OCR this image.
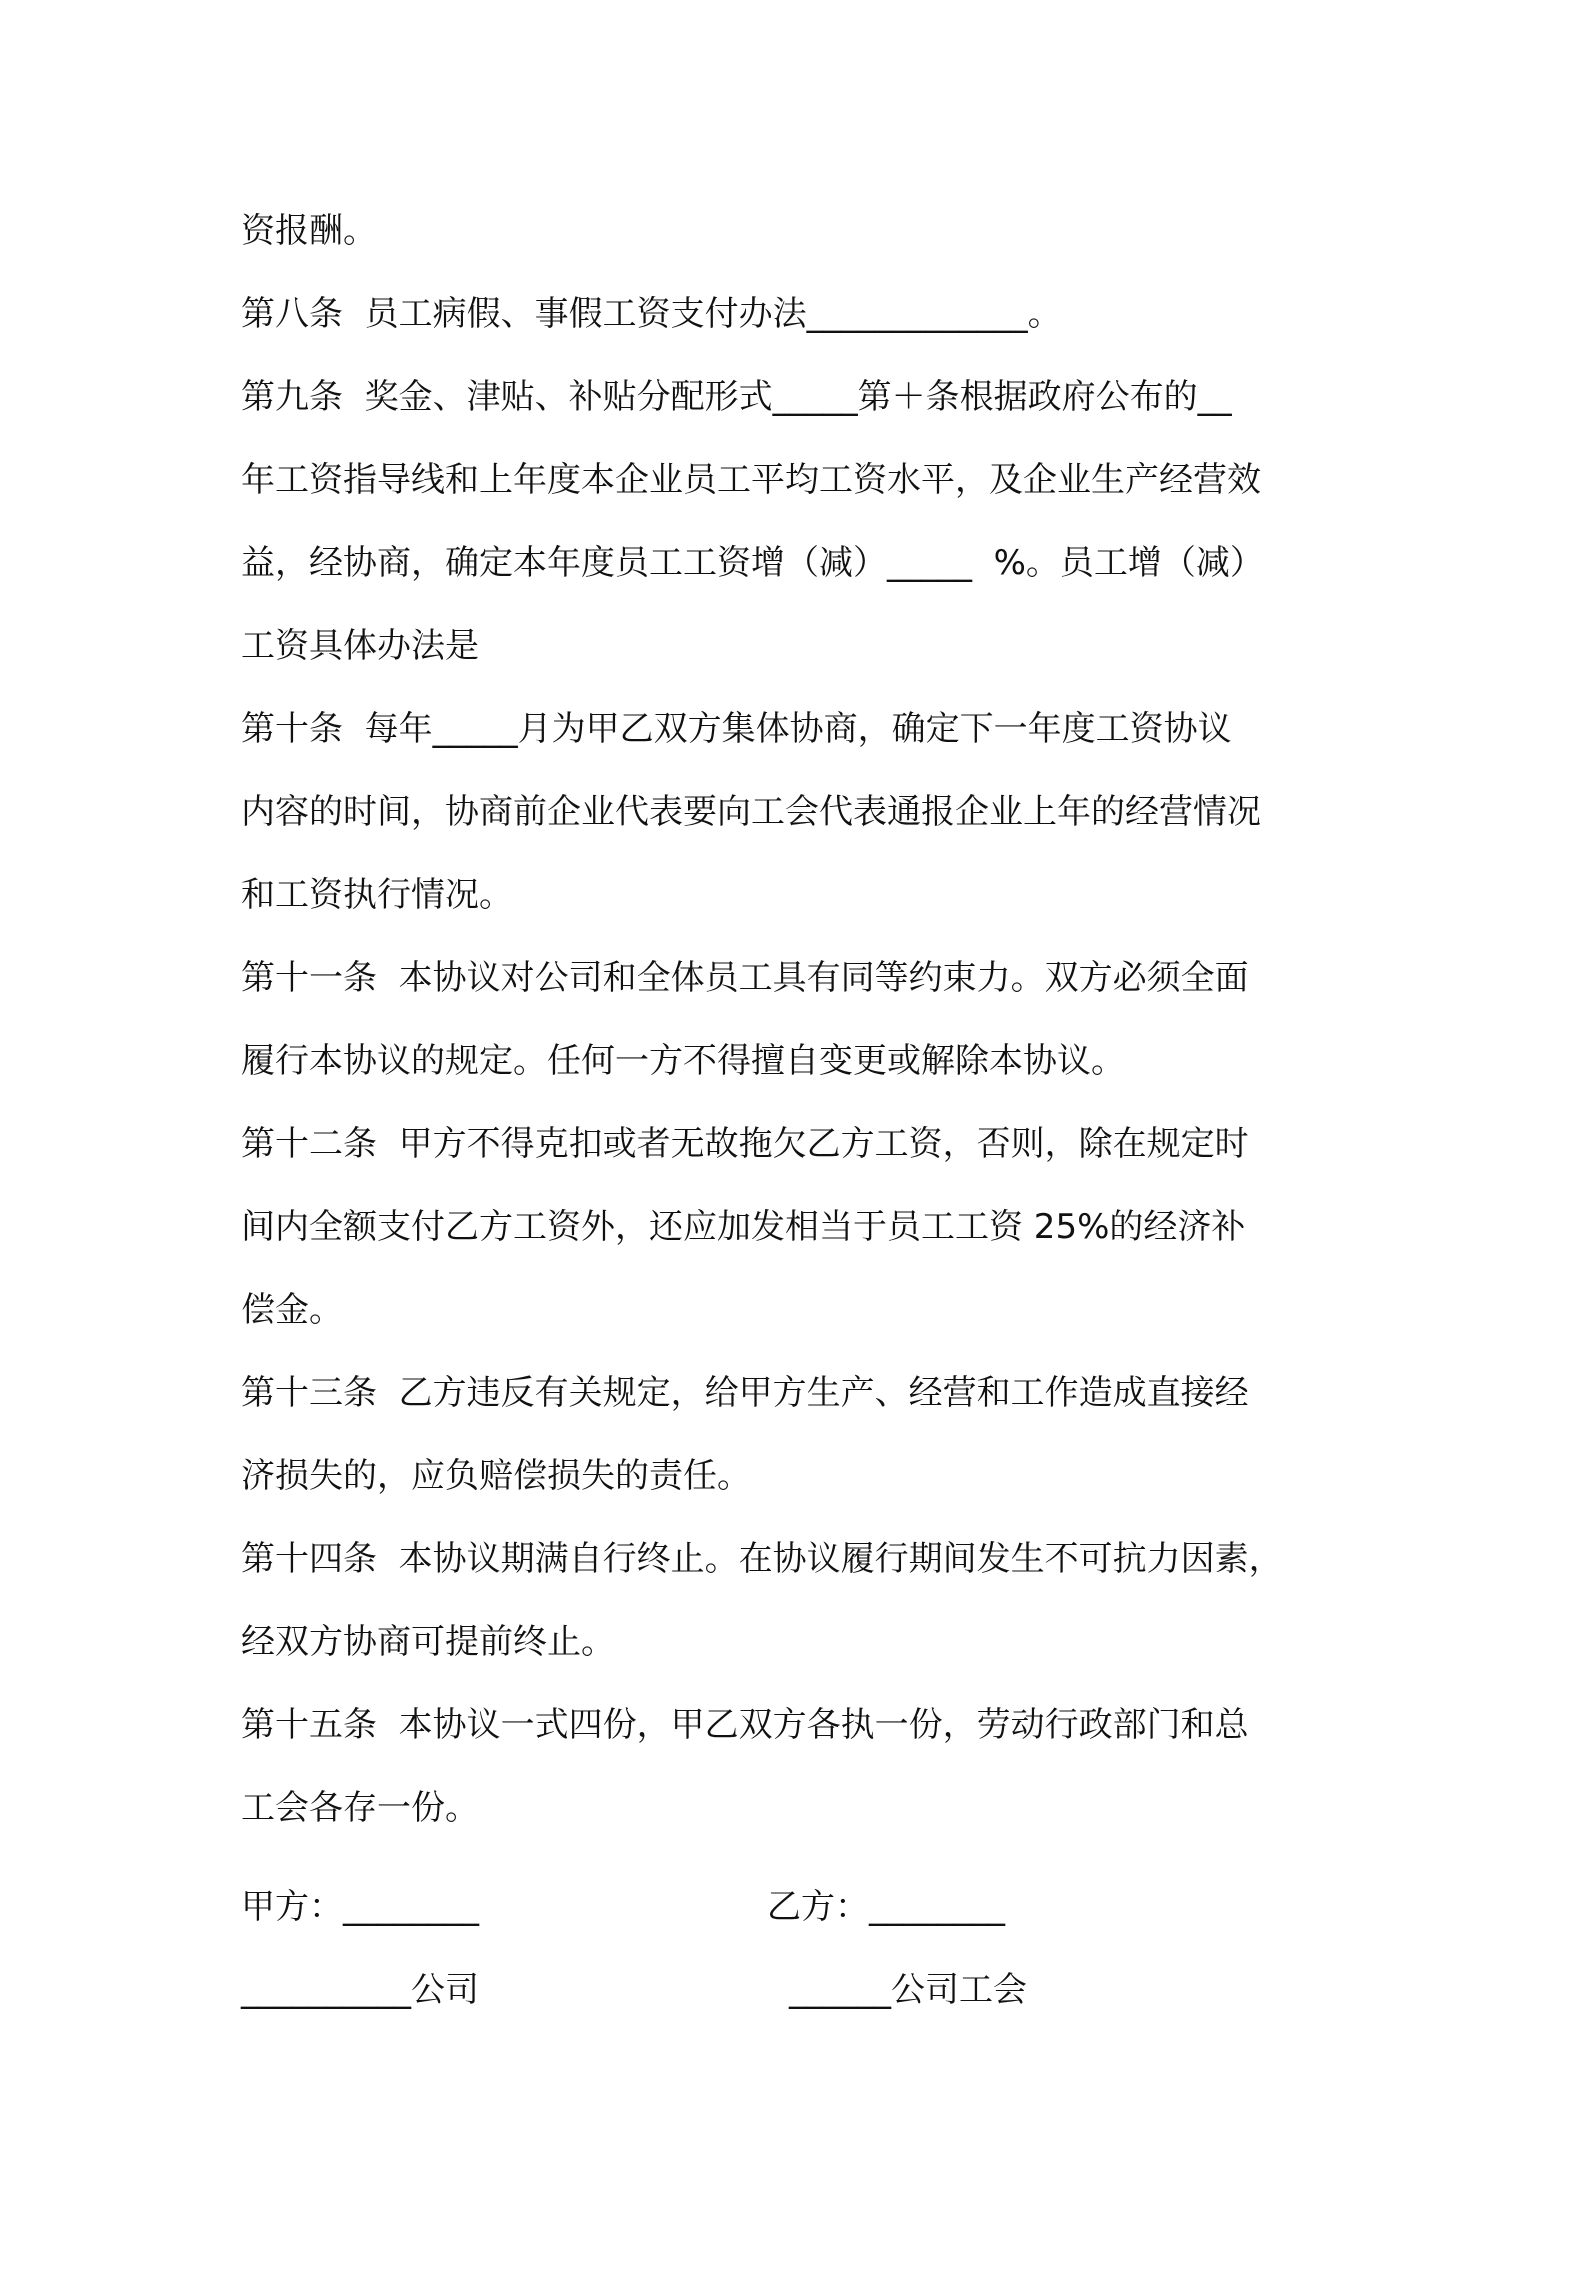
资报酬。
第八条  员工病假、事假工资支付办法_____________。
第九条  奖金、津贴、补贴分配形式_____第＋条根据政府公布的__
年工资指导线和上年度本企业员工平均工资水平，及企业生产经营效
益，经协商，确定本年度员工工资增（减）_____  %。员工增（减）
工资具体办法是
第十条  每年_____月为甲乙双方集体协商，确定下一年度工资协议
内容的时间，协商前企业代表要向工会代表通报企业上年的经营情况
和工资执行情况。
第十一条  本协议对公司和全体员工具有同等约束力。双方必须全面
履行本协议的规定。任何一方不得擅自变更或解除本协议。
第十二条  甲方不得克扣或者无故拖欠乙方工资，否则，除在规定时
间内全额支付乙方工资外，还应加发相当于员工工资 25%的经济补
偿金。
第十三条  乙方违反有关规定，给甲方生产、经营和工作造成直接经
济损失的，应负赔偿损失的责任。
第十四条  本协议期满自行终止。在协议履行期间发生不可抗力因素，
经双方协商可提前终止。
第十五条  本协议一式四份，甲乙双方各执一份，劳动行政部门和总
工会各存一份。

甲方：________

	乙方：________

__________公司

	______公司工会
